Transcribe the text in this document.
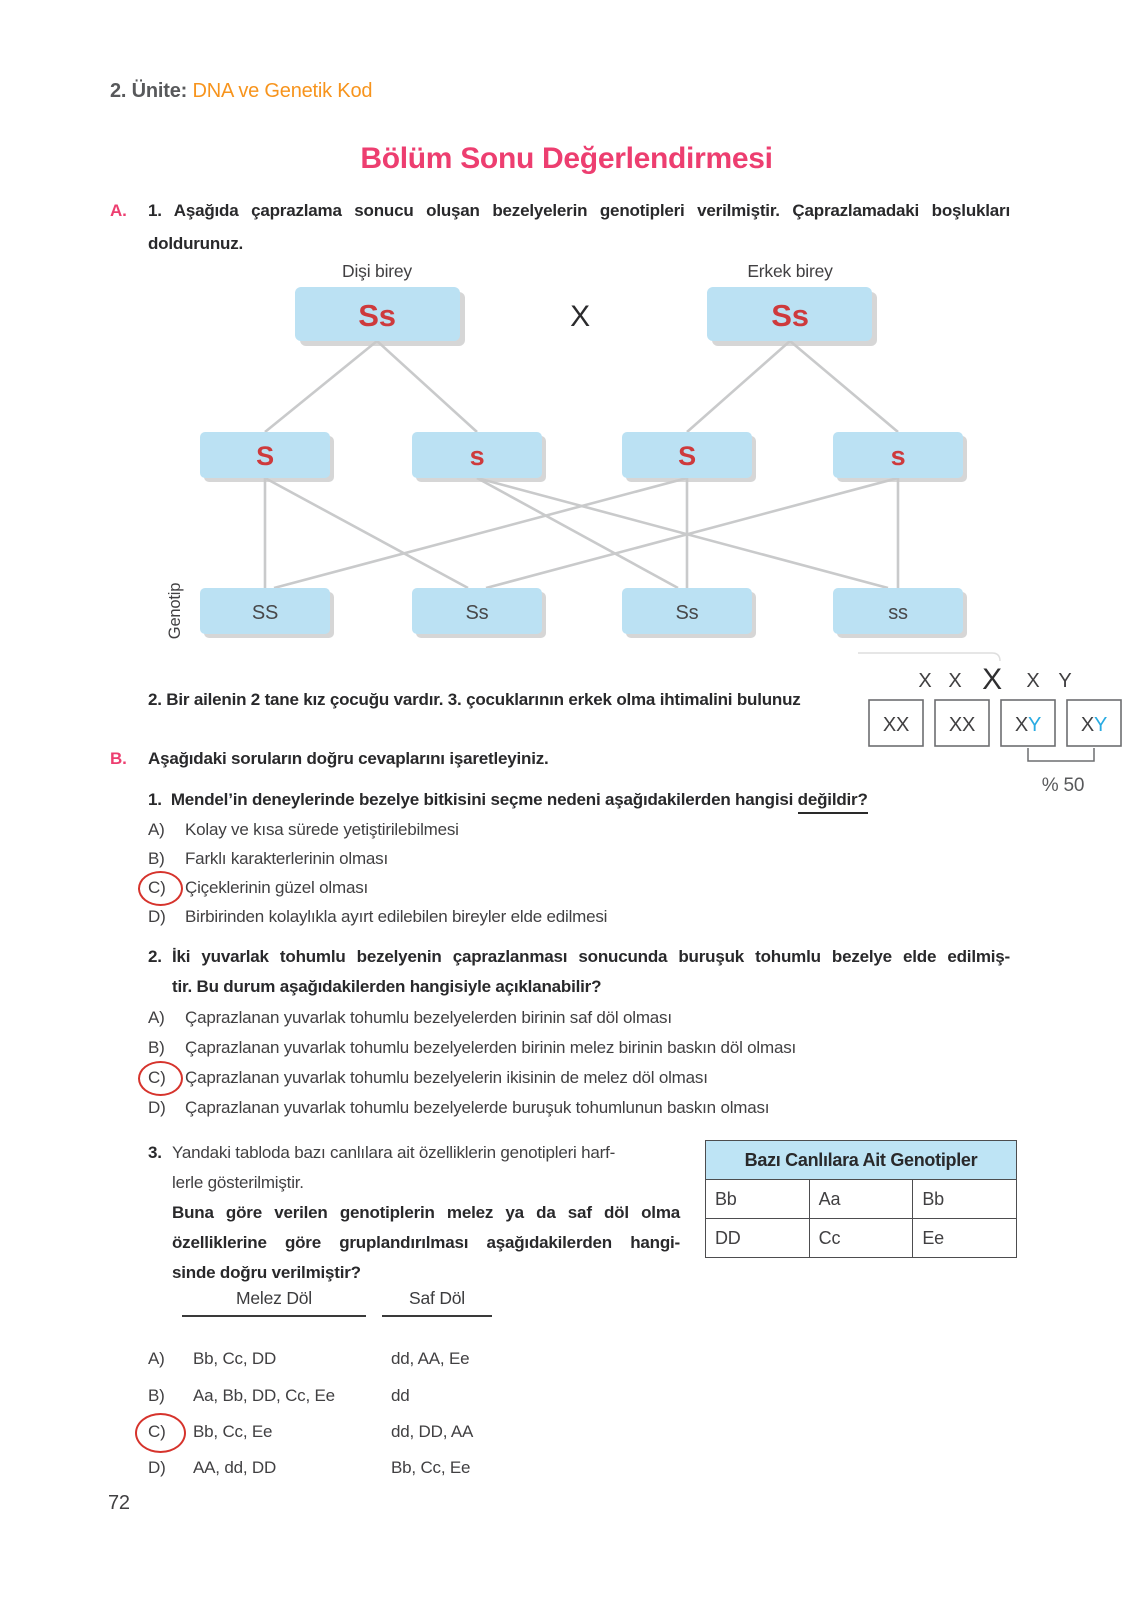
2. Ünite: DNA ve Genetik Kod
Bölüm Sonu Değerlendirmesi
A. 1. Aşağıda çaprazlama sonucu oluşan bezelyelerin genotipleri verilmiştir. Çaprazlamadaki boşlukları
doldurunuz.
Dişi birey	Erkek birey
Ss	X	Ss
S	s	S	s
Genotip	SS	Ss	Ss	ss
2. Bir ailenin 2 tane kız çocuğu vardır. 3. çocuklarının erkek olma ihtimalini bulunuz
X X X X Y
XX XX XY XY
% 50
B. Aşağıdaki soruların doğru cevaplarını işaretleyiniz.
1. Mendel’in deneylerinde bezelye bitkisini seçme nedeni aşağıdakilerden hangisi değildir?
A) Kolay ve kısa sürede yetiştirilebilmesi
B) Farklı karakterlerinin olması
C) Çiçeklerinin güzel olması
D) Birbirinden kolaylıkla ayırt edilebilen bireyler elde edilmesi
2. İki yuvarlak tohumlu bezelyenin çaprazlanması sonucunda buruşuk tohumlu bezelye elde edilmiş-
tir. Bu durum aşağıdakilerden hangisiyle açıklanabilir?
A) Çaprazlanan yuvarlak tohumlu bezelyelerden birinin saf döl olması
B) Çaprazlanan yuvarlak tohumlu bezelyelerden birinin melez birinin baskın döl olması
C) Çaprazlanan yuvarlak tohumlu bezelyelerin ikisinin de melez döl olması
D) Çaprazlanan yuvarlak tohumlu bezelyelerde buruşuk tohumlunun baskın olması
3. Yandaki tabloda bazı canlılara ait özelliklerin genotipleri harf-
lerle gösterilmiştir.
Buna göre verilen genotiplerin melez ya da saf döl olma
özelliklerine göre gruplandırılması aşağıdakilerden hangi-
sinde doğru verilmiştir?
Bazı Canlılara Ait Genotipler		
Bb	Aa	Bb
DD	Cc	Ee
Melez Döl	Saf Döl
A) Bb, Cc, DD	dd, AA, Ee
B) Aa, Bb, DD, Cc, Ee	dd
C) Bb, Cc, Ee	dd, DD, AA
D) AA, dd, DD	Bb, Cc, Ee
72
